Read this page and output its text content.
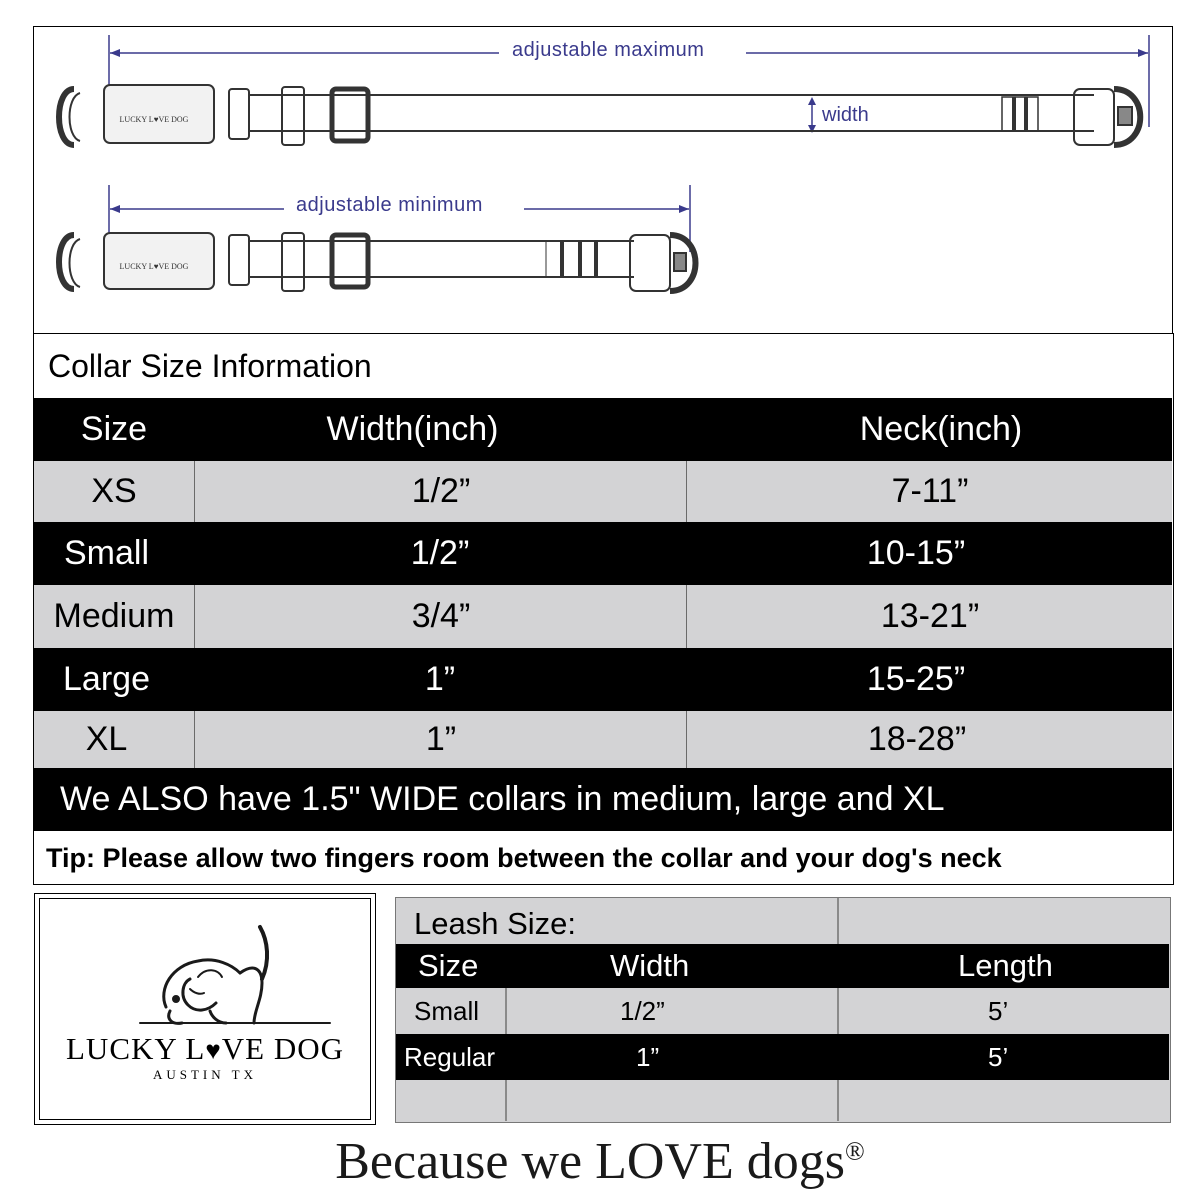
LUCKY L♥VE DOG
LUCKY L♥VE DOG
adjustable maximum
adjustable minimum
width
Collar Size Information
Size	Width(inch)	Neck(inch)
XS	1/2”	7-11”
Small	1/2”	10-15”
Medium	3/4”	13-21”
Large	1”	15-25”
XL	1”	18-28”
We ALSO have 1.5" WIDE collars in medium, large and XL
Tip: Please allow two fingers room between the collar and your dog's neck
LUCKY L♥VE DOG
AUSTIN TX
Leash Size:
Size	Width	Length
Small	1/2”	5’
Regular	1”	5’
Because we LOVE dogs®
